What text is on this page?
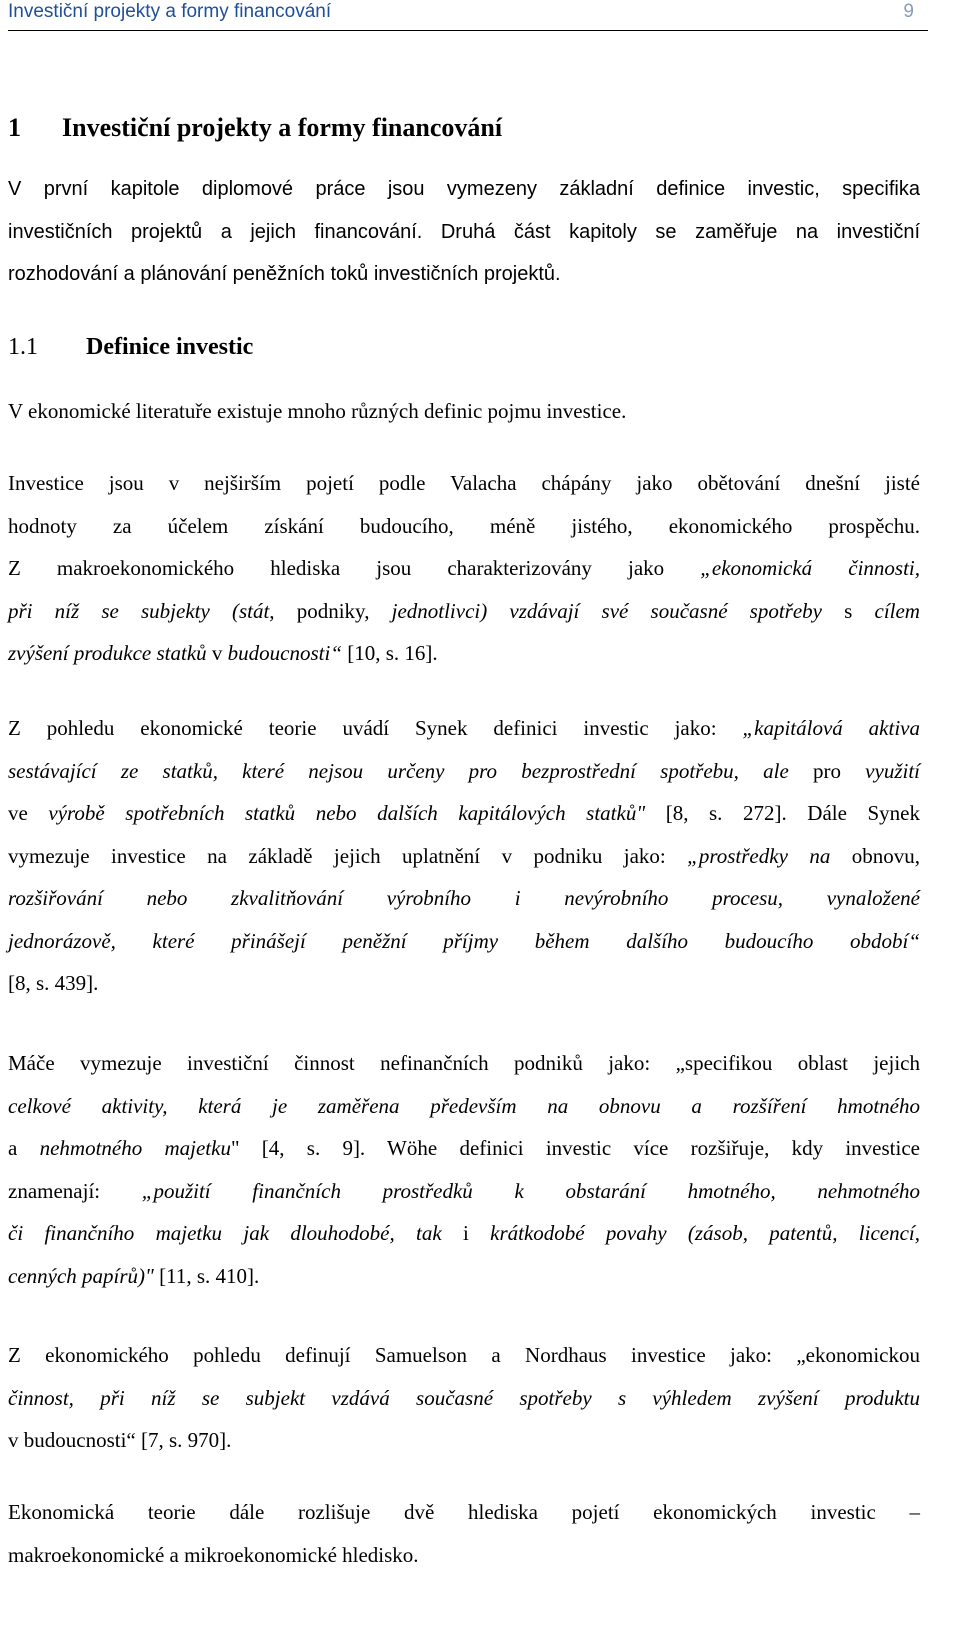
Investiční projekty a formy financování	9
1 Investiční projekty a formy financování
V první kapitole diplomové práce jsou vymezeny základní definice investic, specifika
investičních projektů a jejich financování. Druhá část kapitoly se zaměřuje na investiční
rozhodování a plánování peněžních toků investičních projektů.
1.1 Definice investic
V ekonomické literatuře existuje mnoho různých definic pojmu investice.
Investice jsou v nejširším pojetí podle Valacha chápány jako obětování dnešní jisté
hodnoty za účelem získání budoucího, méně jistého, ekonomického prospěchu.
Z makroekonomického hlediska jsou charakterizovány jako „ekonomická činnosti,
při níž se subjekty (stát, podniky, jednotlivci) vzdávají své současné spotřeby s cílem
zvýšení produkce statků v budoucnosti“ [10, s. 16].
Z pohledu ekonomické teorie uvádí Synek definici investic jako: „kapitálová aktiva
sestávající ze statků, které nejsou určeny pro bezprostřední spotřebu, ale pro využití
ve výrobě spotřebních statků nebo dalších kapitálových statků" [8, s. 272]. Dále Synek
vymezuje investice na základě jejich uplatnění v podniku jako: „prostředky na obnovu,
rozšiřování nebo zkvalitňování výrobního i nevýrobního procesu, vynaložené
jednorázově, které přinášejí peněžní příjmy během dalšího budoucího období“
[8, s. 439].
Máče vymezuje investiční činnost nefinančních podniků jako: „specifikou oblast jejich
celkové aktivity, která je zaměřena především na obnovu a rozšíření hmotného
a nehmotného majetku" [4, s. 9]. Wöhe definici investic více rozšiřuje, kdy investice
znamenají: „použití finančních prostředků k obstarání hmotného, nehmotného
či finančního majetku jak dlouhodobé, tak i krátkodobé povahy (zásob, patentů, licencí,
cenných papírů)" [11, s. 410].
Z ekonomického pohledu definují Samuelson a Nordhaus investice jako: „ekonomickou
činnost, při níž se subjekt vzdává současné spotřeby s výhledem zvýšení produktu
v budoucnosti“ [7, s. 970].
Ekonomická teorie dále rozlišuje dvě hlediska pojetí ekonomických investic –
makroekonomické a mikroekonomické hledisko.
